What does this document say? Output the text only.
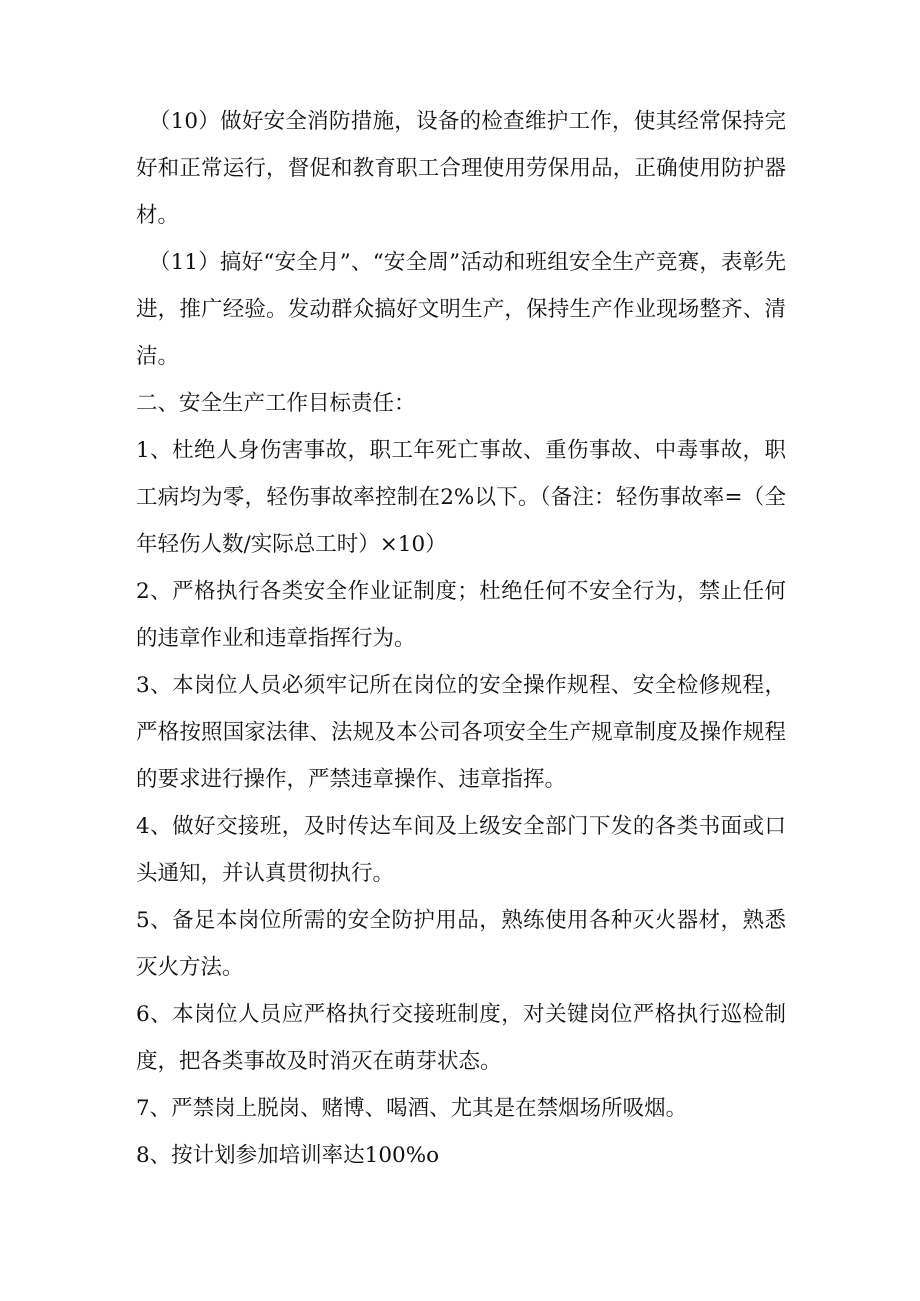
（10）做好安全消防措施，设备的检查维护工作，使其经常保持完好和正常运行，督促和教育职工合理使用劳保用品，正确使用防护器材。

（11）搞好“安全月”、“安全周”活动和班组安全生产竞赛，表彰先进，推广经验。发动群众搞好文明生产，保持生产作业现场整齐、清洁。

二、安全生产工作目标责任：

1、杜绝人身伤害事故，职工年死亡事故、重伤事故、中毒事故，职工病均为零，轻伤事故率控制在2%以下。（备注：轻伤事故率=（全年轻伤人数/实际总工时）×10）

2、严格执行各类安全作业证制度；杜绝任何不安全行为，禁止任何的违章作业和违章指挥行为。

3、本岗位人员必须牢记所在岗位的安全操作规程、安全检修规程，严格按照国家法律、法规及本公司各项安全生产规章制度及操作规程的要求进行操作，严禁违章操作、违章指挥。

4、做好交接班，及时传达车间及上级安全部门下发的各类书面或口头通知，并认真贯彻执行。

5、备足本岗位所需的安全防护用品，熟练使用各种灭火器材，熟悉灭火方法。

6、本岗位人员应严格执行交接班制度，对关键岗位严格执行巡检制度，把各类事故及时消灭在萌芽状态。

7、严禁岗上脱岗、赌博、喝酒、尤其是在禁烟场所吸烟。

8、按计划参加培训率达100%o
